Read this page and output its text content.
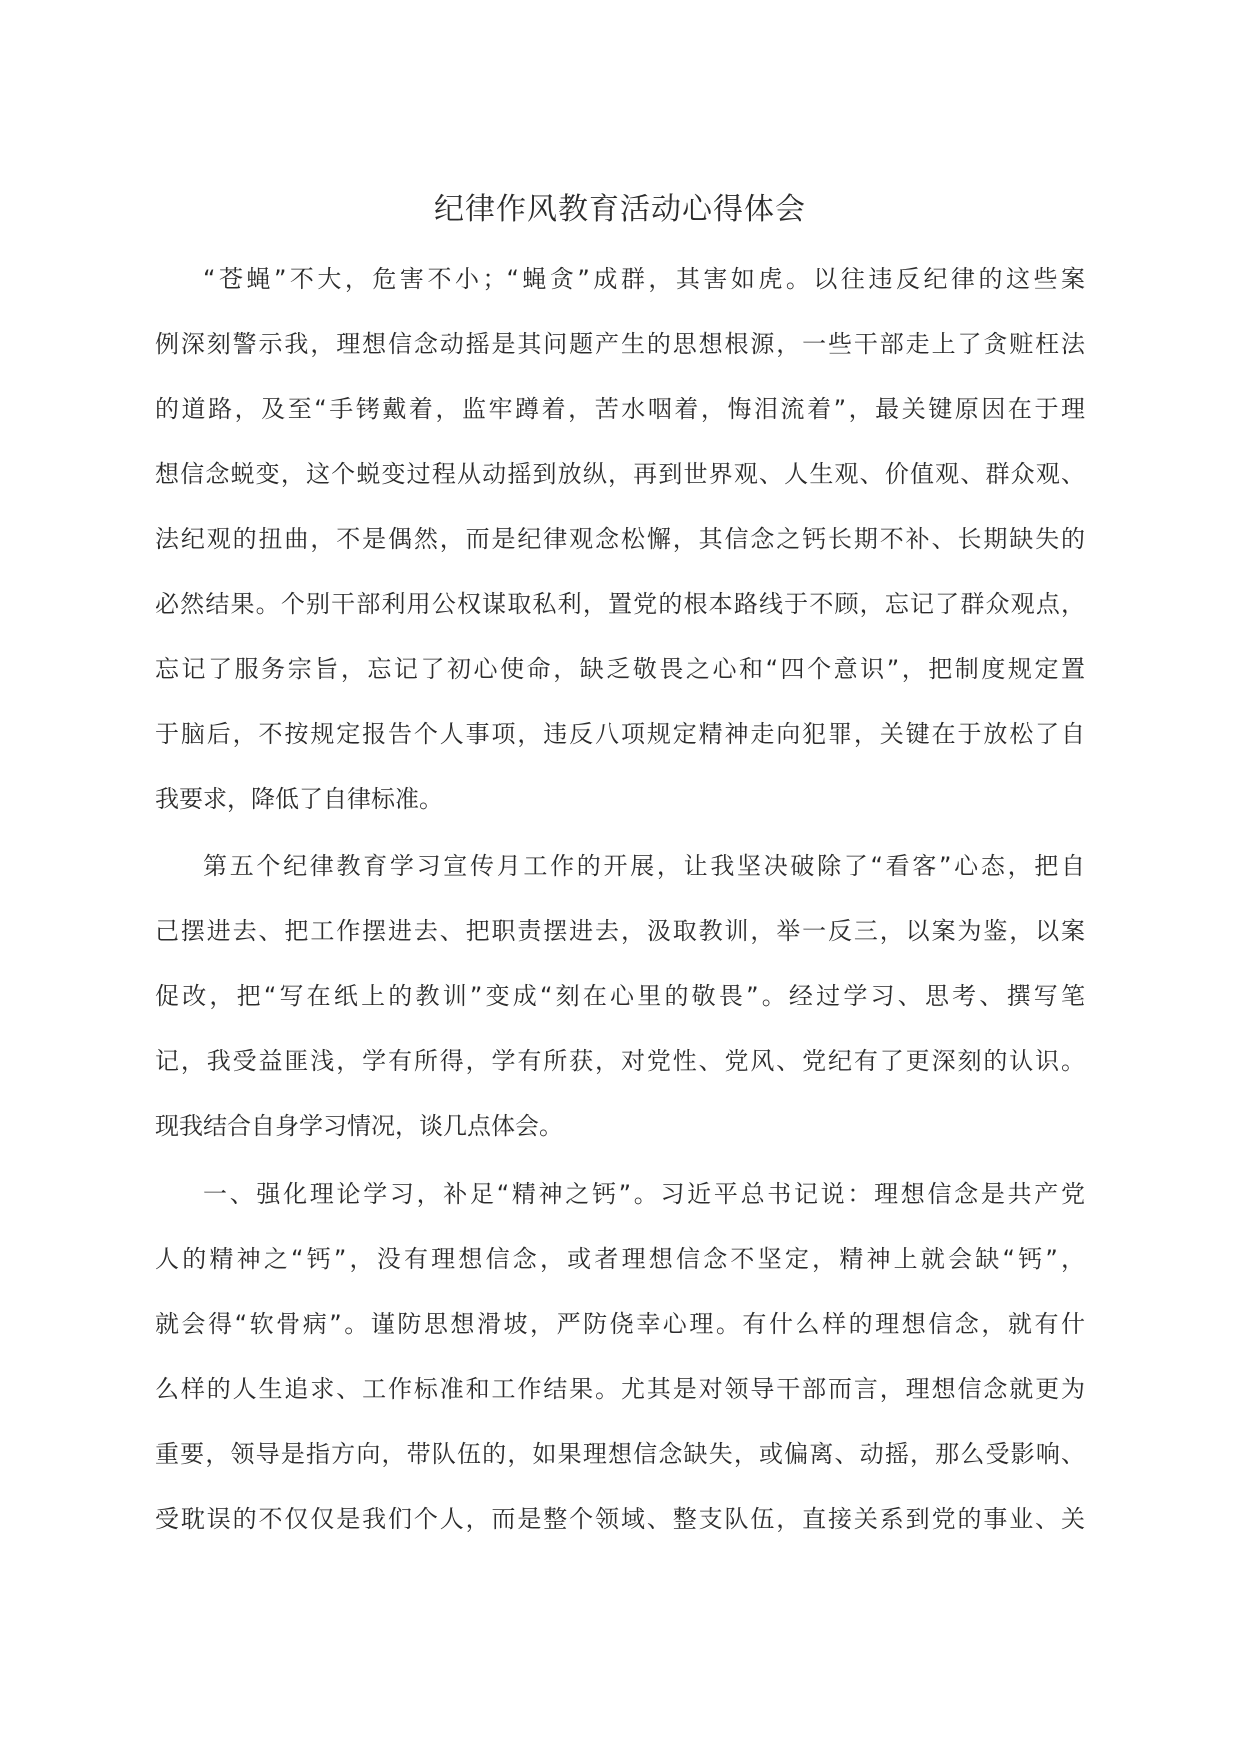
纪律作风教育活动心得体会
“苍蝇”不大，危害不小；“蝇贪”成群，其害如虎。以往违反纪律的这些案
例深刻警示我，理想信念动摇是其问题产生的思想根源，一些干部走上了贪赃枉法
的道路，及至“手铐戴着，监牢蹲着，苦水咽着，悔泪流着”，最关键原因在于理
想信念蜕变，这个蜕变过程从动摇到放纵，再到世界观、人生观、价值观、群众观、
法纪观的扭曲，不是偶然，而是纪律观念松懈，其信念之钙长期不补、长期缺失的
必然结果。个别干部利用公权谋取私利，置党的根本路线于不顾，忘记了群众观点，
忘记了服务宗旨，忘记了初心使命，缺乏敬畏之心和“四个意识”，把制度规定置
于脑后，不按规定报告个人事项，违反八项规定精神走向犯罪，关键在于放松了自
我要求，降低了自律标准。
第五个纪律教育学习宣传月工作的开展，让我坚决破除了“看客”心态，把自
己摆进去、把工作摆进去、把职责摆进去，汲取教训，举一反三，以案为鉴，以案
促改，把“写在纸上的教训”变成“刻在心里的敬畏”。经过学习、思考、撰写笔
记，我受益匪浅，学有所得，学有所获，对党性、党风、党纪有了更深刻的认识。
现我结合自身学习情况，谈几点体会。
一、强化理论学习，补足“精神之钙”。习近平总书记说：理想信念是共产党
人的精神之“钙”，没有理想信念，或者理想信念不坚定，精神上就会缺“钙”，
就会得“软骨病”。谨防思想滑坡，严防侥幸心理。有什么样的理想信念，就有什
么样的人生追求、工作标准和工作结果。尤其是对领导干部而言，理想信念就更为
重要，领导是指方向，带队伍的，如果理想信念缺失，或偏离、动摇，那么受影响、
受耽误的不仅仅是我们个人，而是整个领域、整支队伍，直接关系到党的事业、关
